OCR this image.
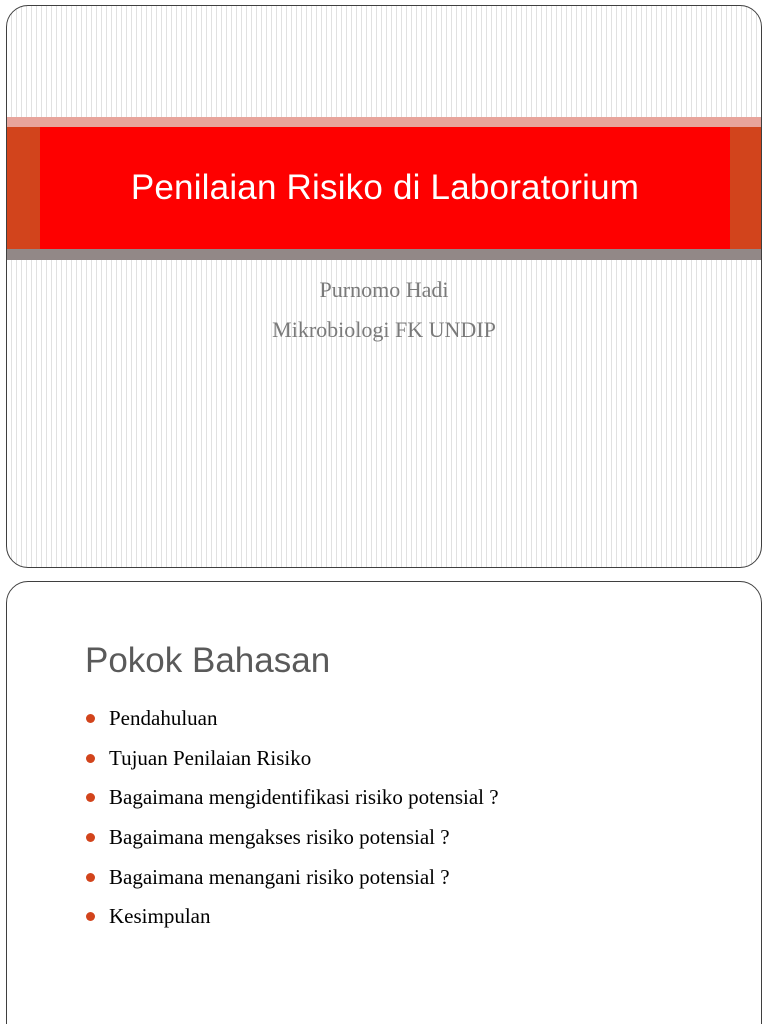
Penilaian Risiko di Laboratorium
Purnomo Hadi
Mikrobiologi FK UNDIP
Pokok Bahasan
Pendahuluan
Tujuan Penilaian Risiko
Bagaimana mengidentifikasi risiko potensial ?
Bagaimana mengakses risiko potensial ?
Bagaimana menangani risiko potensial ?
Kesimpulan
